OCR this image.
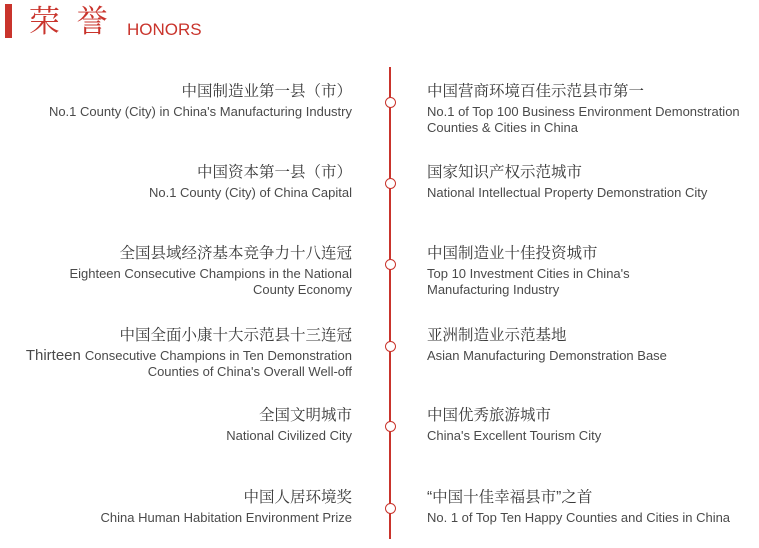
荣 誉 HONORS
中国制造业第一县（市）
No.1 County (City) in China's Manufacturing Industry
中国营商环境百佳示范县市第一
No.1 of Top 100 Business Environment Demonstration
Counties & Cities in China
中国资本第一县（市）
No.1 County (City) of China Capital
国家知识产权示范城市
National Intellectual Property Demonstration City
全国县域经济基本竞争力十八连冠
Eighteen Consecutive Champions in the National
County Economy
中国制造业十佳投资城市
Top 10 Investment Cities in China's
Manufacturing Industry
中国全面小康十大示范县十三连冠
Thirteen Consecutive Champions in Ten Demonstration
Counties of China's Overall Well-off
亚洲制造业示范基地
Asian Manufacturing Demonstration Base
全国文明城市
National Civilized City
中国优秀旅游城市
China's Excellent Tourism City
中国人居环境奖
China Human Habitation Environment Prize
“中国十佳幸福县市”之首
No. 1 of Top Ten Happy Counties and Cities in China
